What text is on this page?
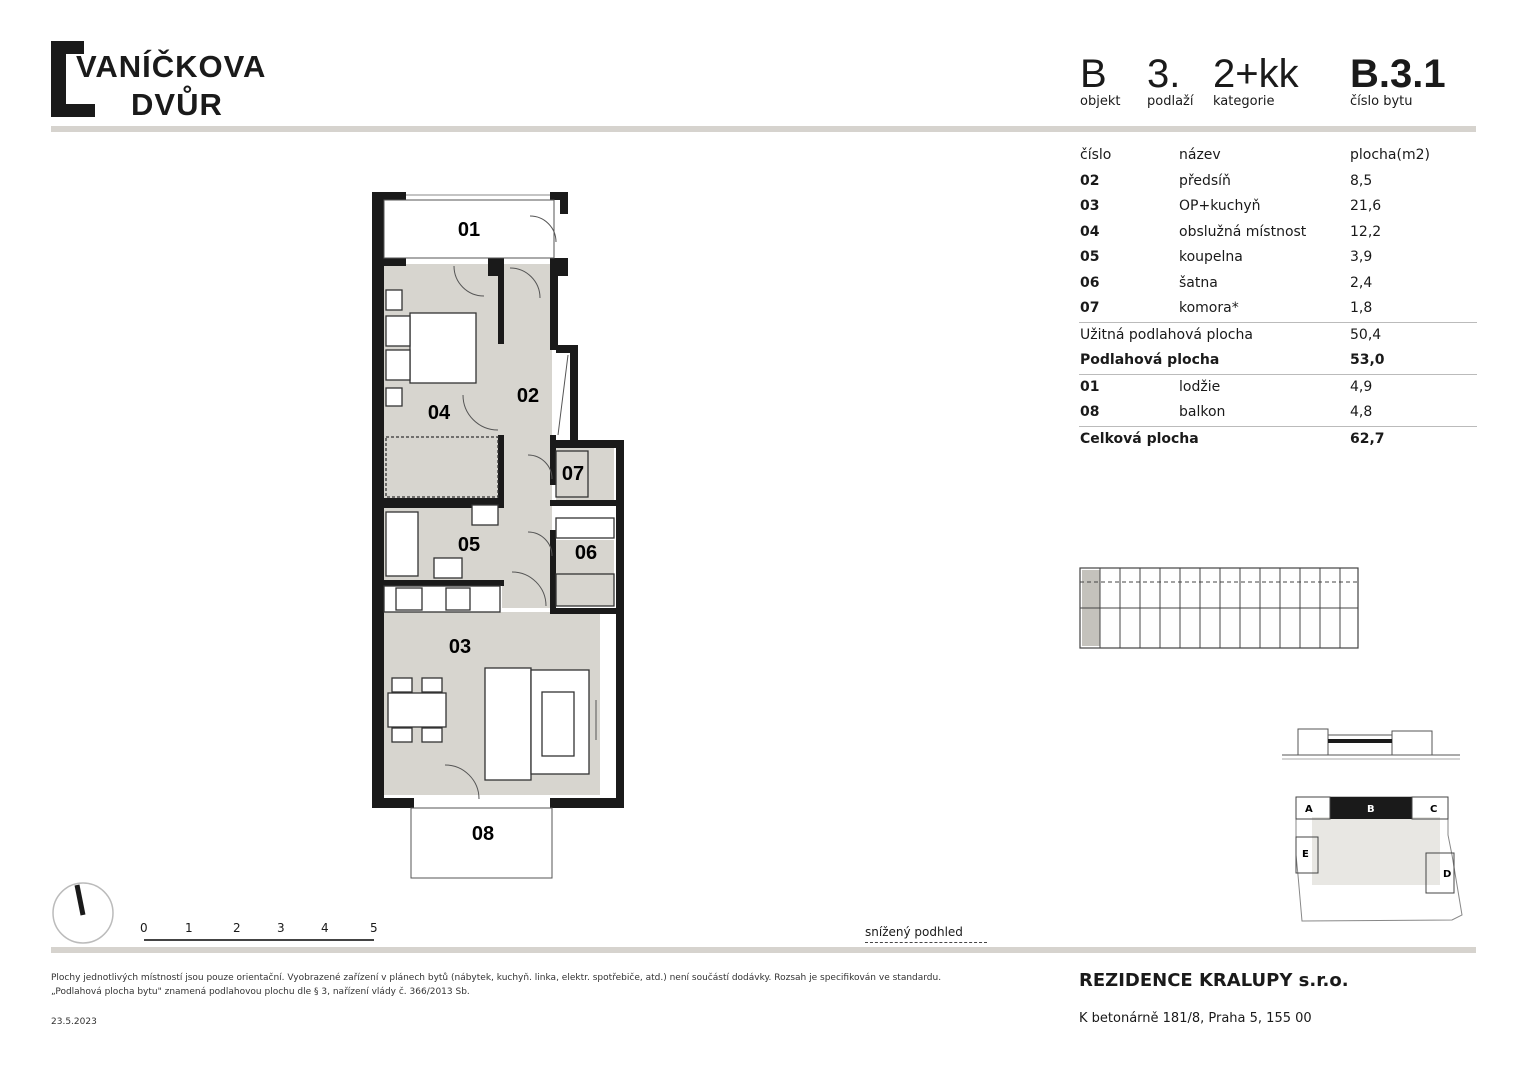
VANÍČKOVA
DVŮR
B
objekt
3.
podlaží
2+kk
kategorie
B.3.1
číslo bytu
číslo	název	plocha(m2)
02	předsíň	8,5
03	OP+kuchyň	21,6
04	obslužná místnost	12,2
05	koupelna	3,9
06	šatna	2,4
07	komora*	1,8
Užitná podlahová plocha	50,4
Podlahová plocha	53,0
01	lodžie	4,9
08	balkon	4,8
Celková plocha	62,7
01
02
03
04
05	06
07
08
A	B	C
D
E
0	1	2	3	4	5	snížený podhled
Plochy jednotlivých místností jsou pouze orientační. Vyobrazené zařízení v plánech bytů (nábytek, kuchyň. linka, elektr. spotřebiče, atd.) není součástí dodávky. Rozsah je specifikován ve standardu.
„Podlahová plocha bytu" znamená podlahovou plochu dle § 3, nařízení vlády č. 366/2013 Sb.
23.5.2023
REZIDENCE KRALUPY s.r.o.
K betonárně 181/8, Praha 5, 155 00
